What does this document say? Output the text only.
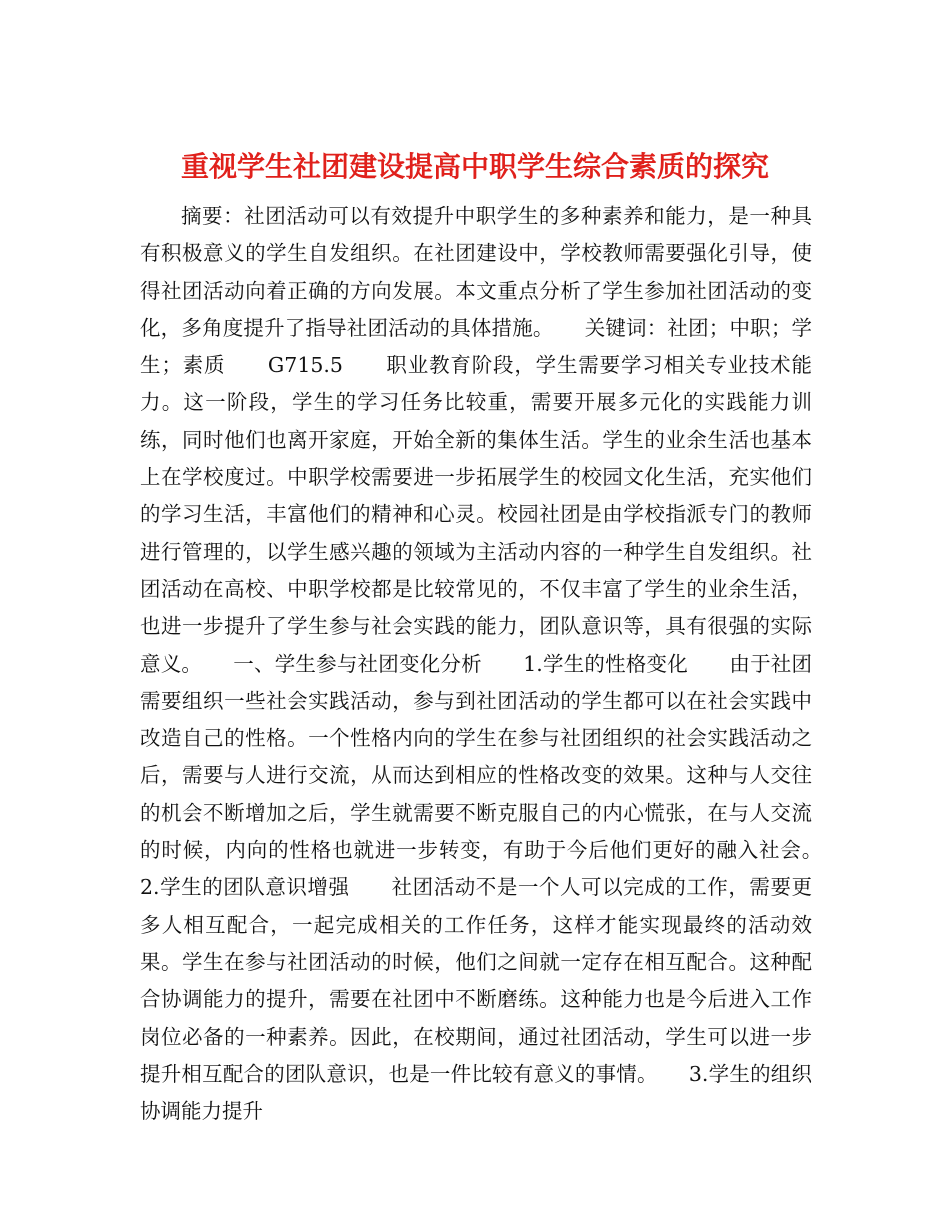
重视学生社团建设提高中职学生综合素质的探究

摘要：社团活动可以有效提升中职学生的多种素养和能力，是一种具有积极意义的学生自发组织。在社团建设中，学校教师需要强化引导，使得社团活动向着正确的方向发展。本文重点分析了学生参加社团活动的变化，多角度提升了指导社团活动的具体措施。　　关键词：社团；中职；学生；素质　　G715.5　　职业教育阶段，学生需要学习相关专业技术能力。这一阶段，学生的学习任务比较重，需要开展多元化的实践能力训练，同时他们也离开家庭，开始全新的集体生活。学生的业余生活也基本上在学校度过。中职学校需要进一步拓展学生的校园文化生活，充实他们的学习生活，丰富他们的精神和心灵。校园社团是由学校指派专门的教师进行管理的，以学生感兴趣的领域为主活动内容的一种学生自发组织。社团活动在高校、中职学校都是比较常见的，不仅丰富了学生的业余生活，也进一步提升了学生参与社会实践的能力，团队意识等，具有很强的实际意义。　　一、学生参与社团变化分析　　1.学生的性格变化　　由于社团需要组织一些社会实践活动，参与到社团活动的学生都可以在社会实践中改造自己的性格。一个性格内向的学生在参与社团组织的社会实践活动之后，需要与人进行交流，从而达到相应的性格改变的效果。这种与人交往的机会不断增加之后，学生就需要不断克服自己的内心慌张，在与人交流的时候，内向的性格也就进一步转变，有助于今后他们更好的融入社会。　　2.学生的团队意识增强　　社团活动不是一个人可以完成的工作，需要更多人相互配合，一起完成相关的工作任务，这样才能实现最终的活动效果。学生在参与社团活动的时候，他们之间就一定存在相互配合。这种配合协调能力的提升，需要在社团中不断磨练。这种能力也是今后进入工作岗位必备的一种素养。因此，在校期间，通过社团活动，学生可以进一步提升相互配合的团队意识，也是一件比较有意义的事情。　　3.学生的组织协调能力提升
